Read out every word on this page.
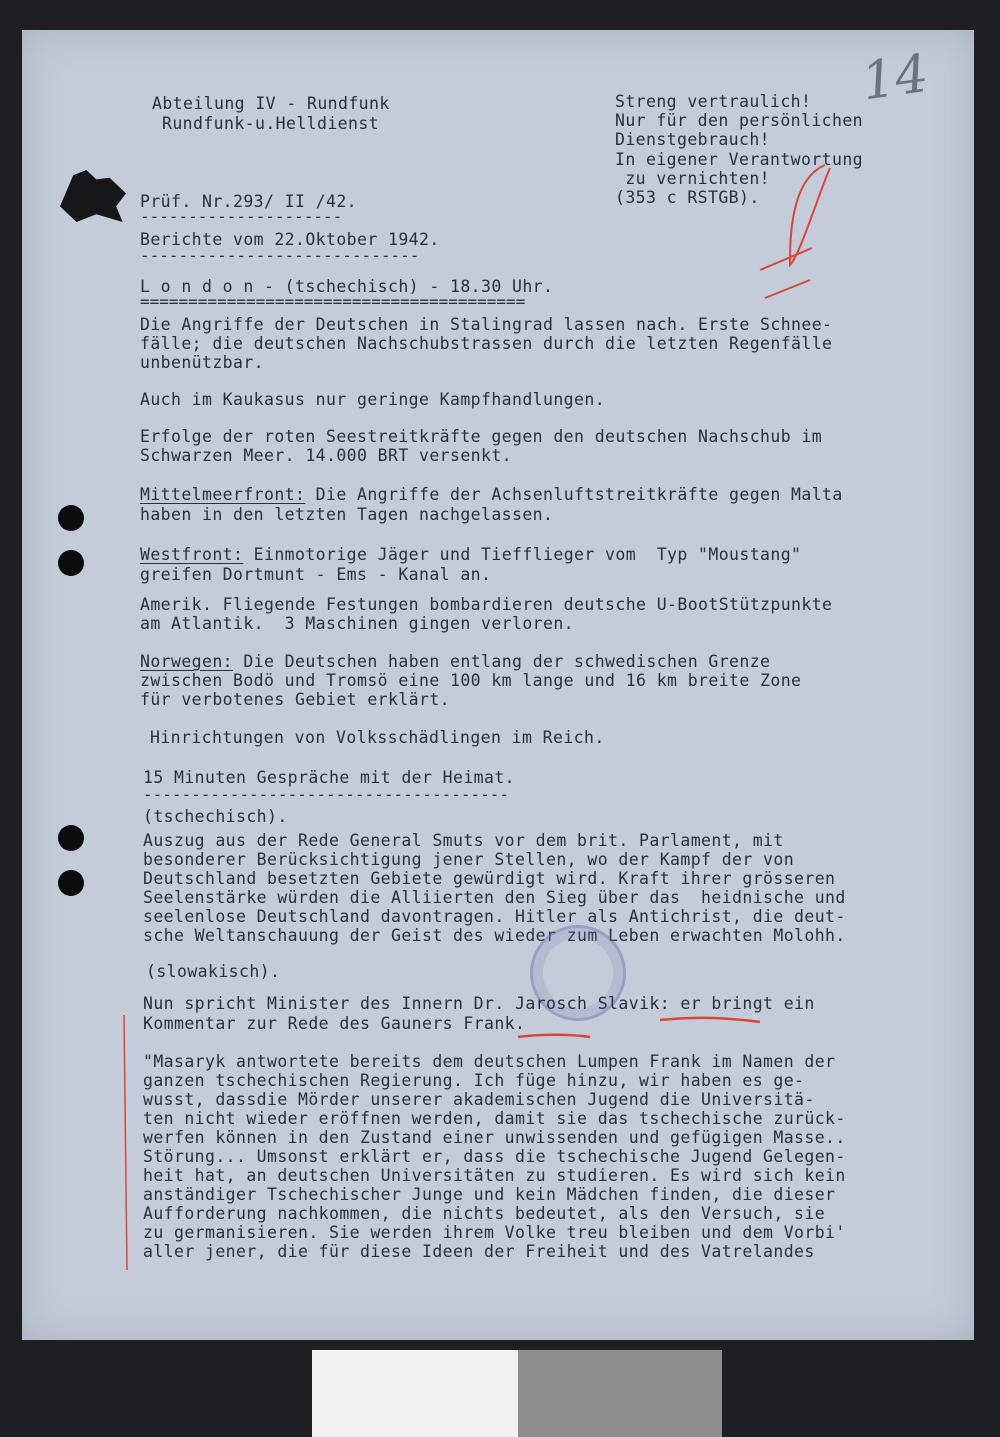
14
Abteilung IV - Rundfunk
Rundfunk-u.Helldienst
Streng vertraulich!
Nur für den persönlichen
Dienstgebrauch!
In eigener Verantwortung
zu vernichten!
(353 c RSTGB).
Prüf. Nr.293/ II /42.
---------------------
Berichte vom 22.Oktober 1942.
-----------------------------
L o n d o n - (tschechisch) - 18.30 Uhr.
========================================
Die Angriffe der Deutschen in Stalingrad lassen nach. Erste Schnee-
fälle; die deutschen Nachschubstrassen durch die letzten Regenfälle
unbenützbar.
Auch im Kaukasus nur geringe Kampfhandlungen.
Erfolge der roten Seestreitkräfte gegen den deutschen Nachschub im
Schwarzen Meer. 14.000 BRT versenkt.
Mittelmeerfront: Die Angriffe der Achsenluftstreitkräfte gegen Malta
haben in den letzten Tagen nachgelassen.
Westfront: Einmotorige Jäger und Tiefflieger vom  Typ "Moustang"
greifen Dortmunt - Ems - Kanal an.
Amerik. Fliegende Festungen bombardieren deutsche U-BootStützpunkte
am Atlantik.  3 Maschinen gingen verloren.
Norwegen: Die Deutschen haben entlang der schwedischen Grenze
zwischen Bodö und Tromsö eine 100 km lange und 16 km breite Zone
für verbotenes Gebiet erklärt.
Hinrichtungen von Volksschädlingen im Reich.
15 Minuten Gespräche mit der Heimat.
--------------------------------------
(tschechisch).
Auszug aus der Rede General Smuts vor dem brit. Parlament, mit
besonderer Berücksichtigung jener Stellen, wo der Kampf der von
Deutschland besetzten Gebiete gewürdigt wird. Kraft ihrer grösseren
Seelenstärke würden die Alliierten den Sieg über das  heidnische und
seelenlose Deutschland davontragen. Hitler als Antichrist, die deut-
sche Weltanschauung der Geist des wieder zum Leben erwachten Molohh.
(slowakisch).
Nun spricht Minister des Innern Dr. Jarosch Slavik: er bringt ein
Kommentar zur Rede des Gauners Frank.
"Masaryk antwortete bereits dem deutschen Lumpen Frank im Namen der
ganzen tschechischen Regierung. Ich füge hinzu, wir haben es ge-
wusst, dassdie Mörder unserer akademischen Jugend die Universitä-
ten nicht wieder eröffnen werden, damit sie das tschechische zurück-
werfen können in den Zustand einer unwissenden und gefügigen Masse..
Störung... Umsonst erklärt er, dass die tschechische Jugend Gelegen-
heit hat, an deutschen Universitäten zu studieren. Es wird sich kein
anständiger Tschechischer Junge und kein Mädchen finden, die dieser
Aufforderung nachkommen, die nichts bedeutet, als den Versuch, sie
zu germanisieren. Sie werden ihrem Volke treu bleiben und dem Vorbi'
aller jener, die für diese Ideen der Freiheit und des Vatrelandes
